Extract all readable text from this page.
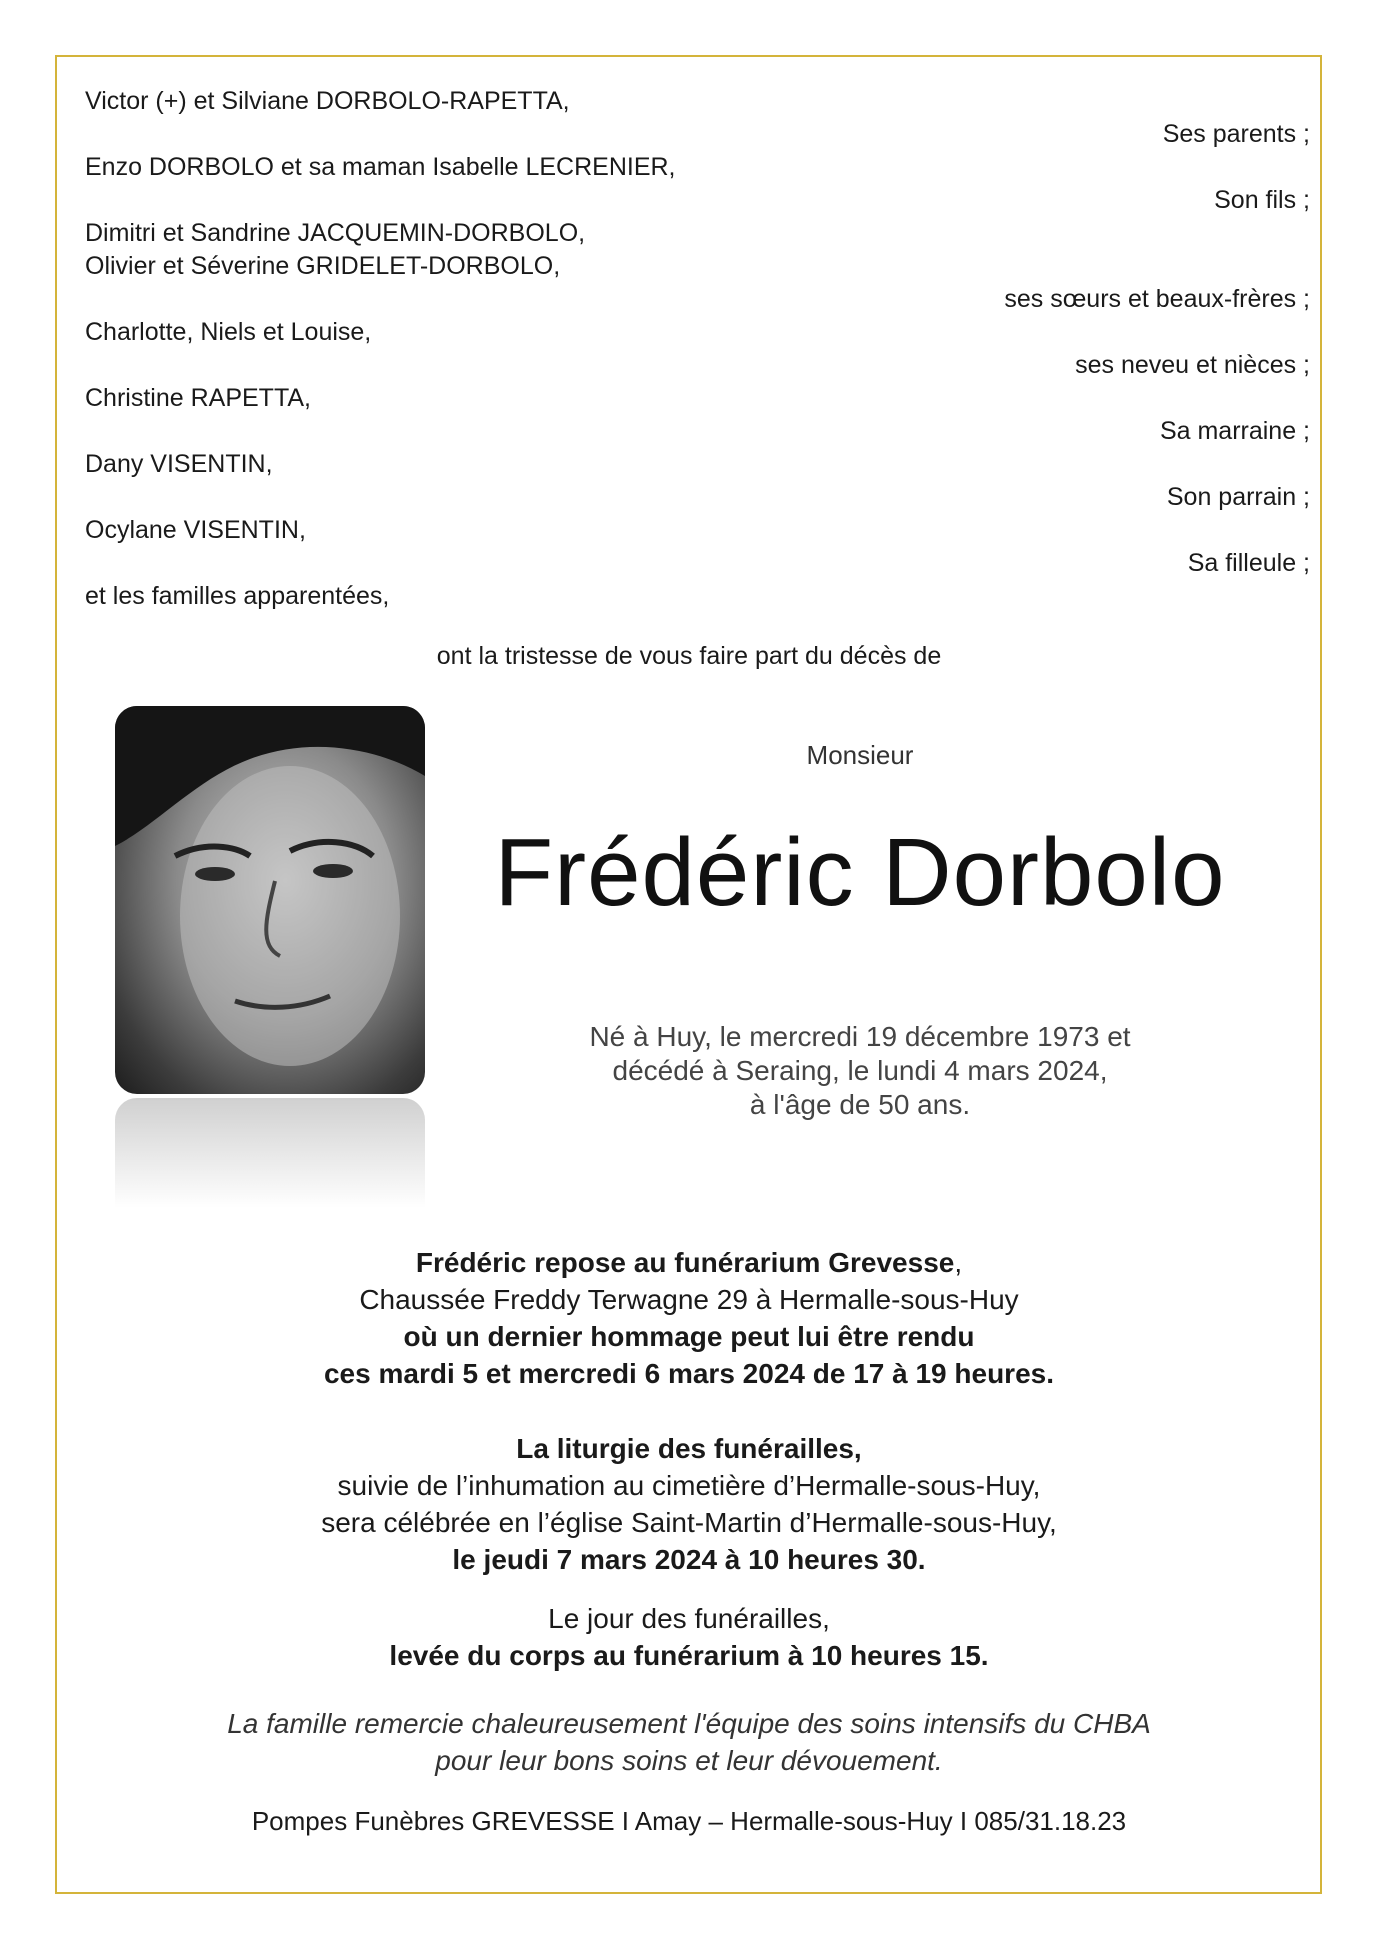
Victor (+) et Silviane DORBOLO-RAPETTA,
Ses parents ;
Enzo DORBOLO et sa maman Isabelle LECRENIER,
Son fils ;
Dimitri et Sandrine JACQUEMIN-DORBOLO,
Olivier et Séverine GRIDELET-DORBOLO,
ses sœurs et beaux-frères ;
Charlotte, Niels et Louise,
ses neveu et nièces ;
Christine RAPETTA,
Sa marraine ;
Dany VISENTIN,
Son parrain ;
Ocylane VISENTIN,
Sa filleule ;
et les familles apparentées,
ont la tristesse de vous faire part du décès de
Monsieur
Frédéric Dorbolo
Né à Huy, le mercredi 19 décembre 1973 et
décédé à Seraing, le lundi 4 mars 2024,
à l'âge de 50 ans.
Frédéric repose au funérarium Grevesse,
Chaussée Freddy Terwagne 29 à Hermalle-sous-Huy
où un dernier hommage peut lui être rendu
ces mardi 5 et mercredi 6 mars 2024 de 17 à 19 heures.
La liturgie des funérailles,
suivie de l’inhumation au cimetière d’Hermalle-sous-Huy,
sera célébrée en l’église Saint-Martin d’Hermalle-sous-Huy,
le jeudi 7 mars 2024 à 10 heures 30.
Le jour des funérailles,
levée du corps au funérarium à 10 heures 15.
La famille remercie chaleureusement l'équipe des soins intensifs du CHBA
pour leur bons soins et leur dévouement.
Pompes Funèbres GREVESSE I Amay – Hermalle-sous-Huy I 085/31.18.23
